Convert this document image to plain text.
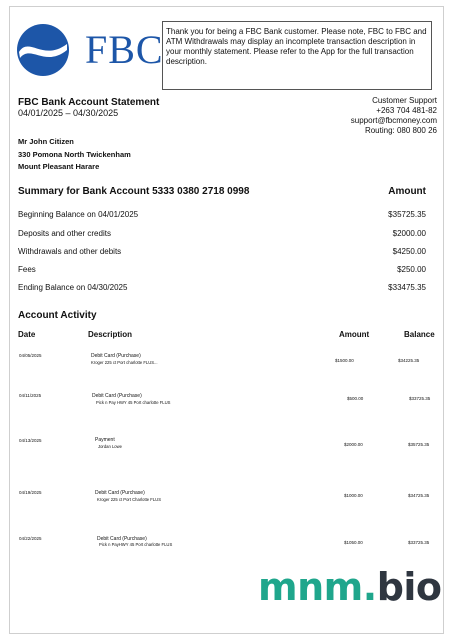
FBC Thank you for being a FBC Bank customer. Please note, FBC to FBC and ATM Withdrawals may display an incomplete transaction description in your monthly statement. Please refer to the App for the full transaction description.
FBC Bank Account Statement
04/01/2025 – 04/30/2025
Customer Support
+263 704 481-82
support@fbcmoney.com
Routing: 080 800 26
Mr John Citizen
330 Pomona North Twickenham
Mount Pleasant Harare
Summary for Bank Account 5333 0380 2718 0998	Amount
Beginning Balance on 04/01/2025	$35725.35
Deposits and other credits	$2000.00
Withdrawals and other debits	$4250.00
Fees	$250.00
Ending Balance on 04/30/2025	$33475.35
Account Activity
Date	Description	Amount	Balance
04/05/2025	Debit Card (Purchase)
Kroger 225 ct Port charlotte FLUS...	$1500.00	$34225.35
04/11/2025	Debit Card (Purchase)
Pick n Pay HWY 45 Port charlotte FLUS
$500.00	$33725.35
04/13/2025	Payment
Jordan Lowe	$2000.00	$35725.35
04/19/2025	Debit Card (Purchase)
Kroger 225 ct Port Charlotte FLUS
$1000.00	$34725.35
04/22/2025	Debit Card (Purchase)
Pick n PayHWY 45 Port charlotte FLUS	$1050.00	$33725.35
mnm.bio
